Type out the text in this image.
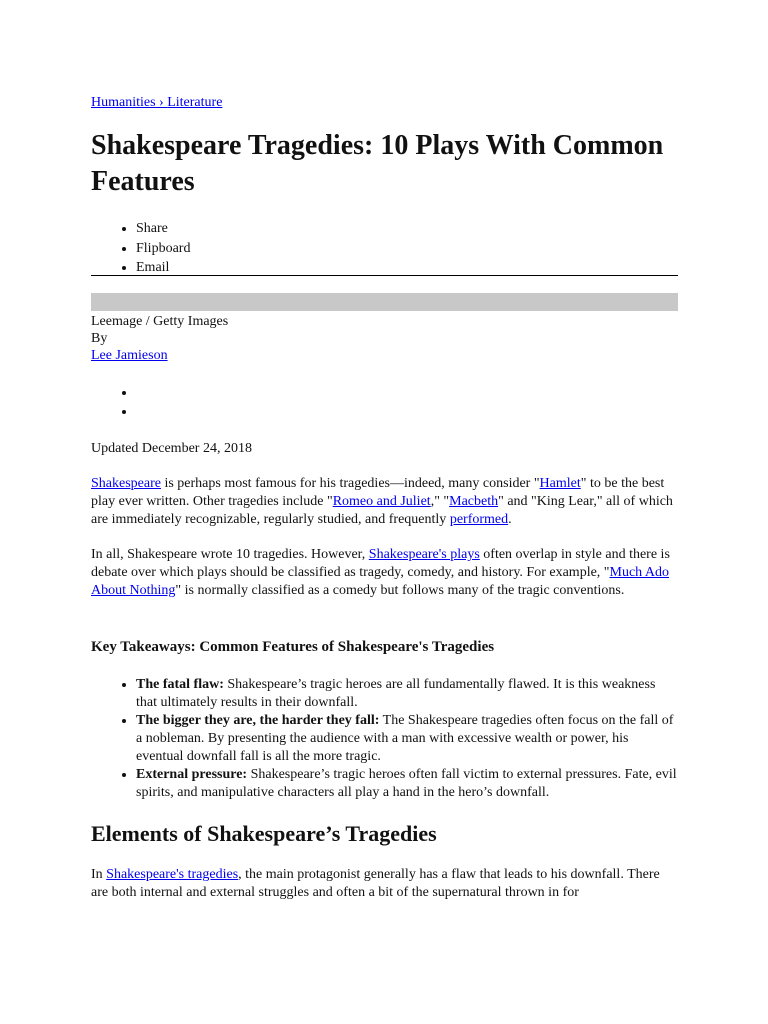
Humanities › Literature
Shakespeare Tragedies: 10 Plays With Common Features
• Share
• Flipboard
• Email
Leemage / Getty Images
By
Lee Jamieson
Updated December 24, 2018

Shakespeare is perhaps most famous for his tragedies—indeed, many consider "Hamlet" to be the best play ever written. Other tragedies include "Romeo and Juliet," "Macbeth" and "King Lear," all of which are immediately recognizable, regularly studied, and frequently performed.

In all, Shakespeare wrote 10 tragedies. However, Shakespeare's plays often overlap in style and there is debate over which plays should be classified as tragedy, comedy, and history. For example, "Much Ado About Nothing" is normally classified as a comedy but follows many of the tragic conventions.

Key Takeaways: Common Features of Shakespeare's Tragedies
• The fatal flaw: Shakespeare’s tragic heroes are all fundamentally flawed. It is this weakness that ultimately results in their downfall.
• The bigger they are, the harder they fall: The Shakespeare tragedies often focus on the fall of a nobleman. By presenting the audience with a man with excessive wealth or power, his eventual downfall fall is all the more tragic.
• External pressure: Shakespeare’s tragic heroes often fall victim to external pressures. Fate, evil spirits, and manipulative characters all play a hand in the hero’s downfall.
Elements of Shakespeare’s Tragedies

In Shakespeare's tragedies, the main protagonist generally has a flaw that leads to his downfall. There are both internal and external struggles and often a bit of the supernatural thrown in for
